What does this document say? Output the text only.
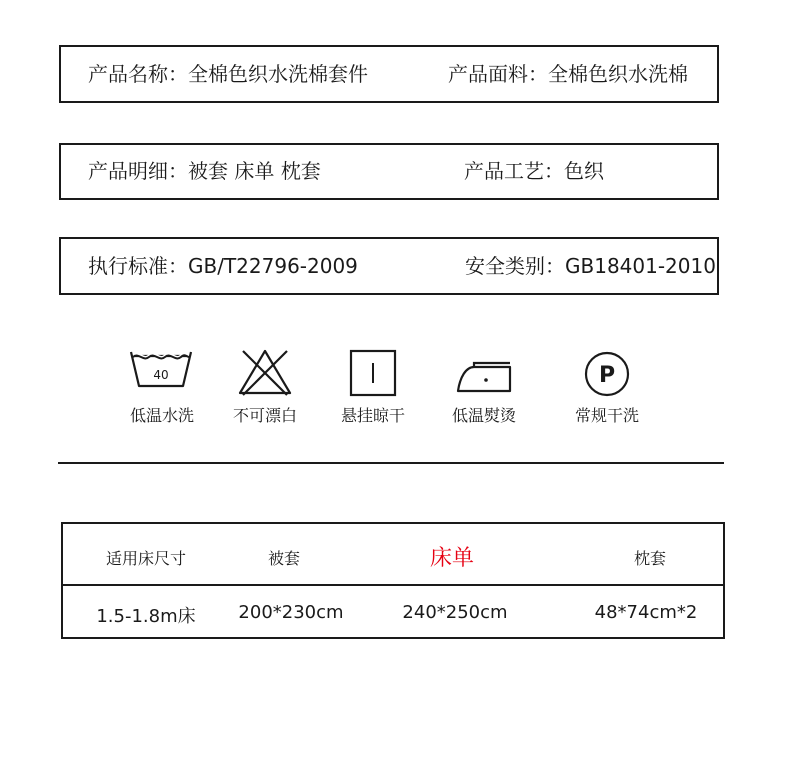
产品名称：全棉色织水洗棉套件	产品面料：全棉色织水洗棉
产品明细：被套 床单 枕套	产品工艺：色织
执行标准：GB/T22796-2009	安全类别：GB18401-2010
40
低温水洗	不可漂白	悬挂晾干	低温熨烫
P
常规干洗
适用床尺寸	被套	床单	枕套
1.5-1.8m床 200*230cm	240*250cm	48*74cm*2
